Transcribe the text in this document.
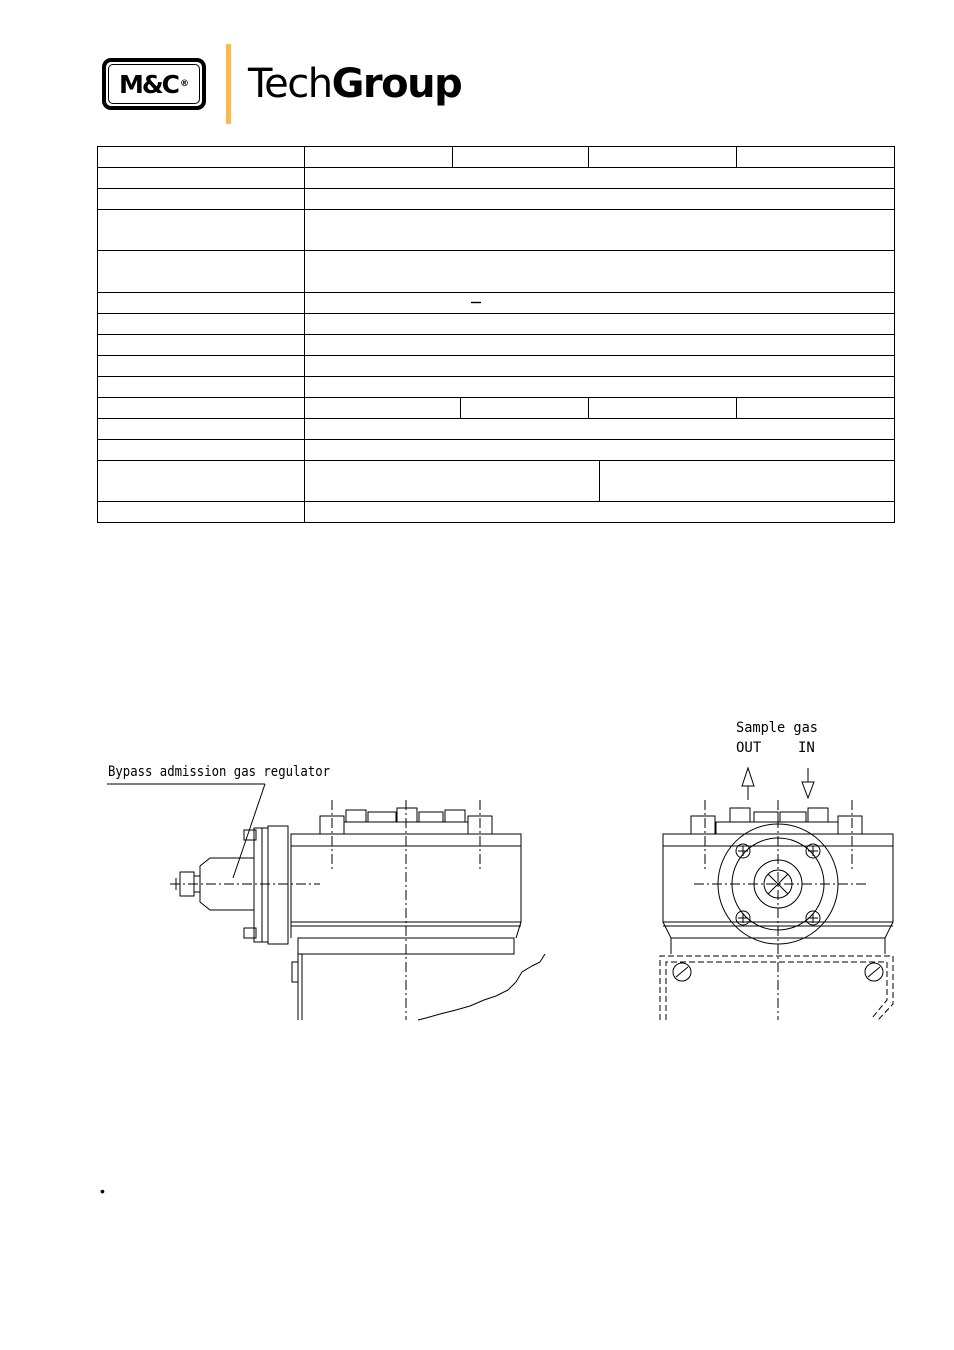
M&C ® TechGroup
Bypass admission gas regulator
Sample gas
OUT	IN
•
